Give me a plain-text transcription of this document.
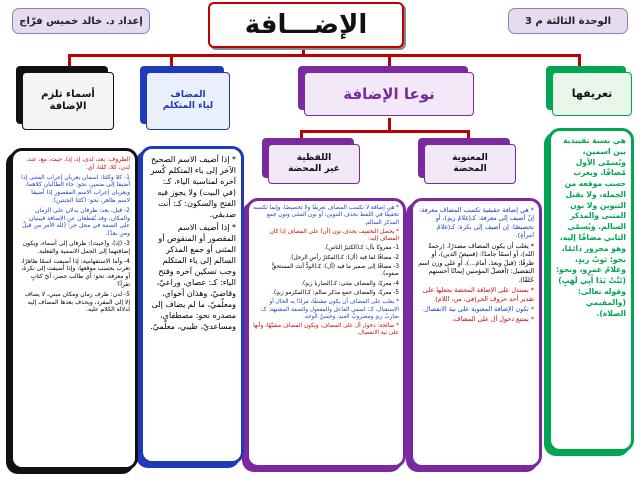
الوحدة الثالثة م 3
إعداد د. خالد خميس فرّاج	الإضـــافة
تعريفها

هي نسبة تقييدية بين اسمين، ويُسمّى الأول مُضافًا، ويعرب حسب موقعه من الجملة، ولا يقبل التنوين ولا نون المثنى والمذكر السالم. ويُسمّى الثاني مضافًا إليه، وهو مجرور دائمًا، نحو: ثوبُ زيدٍ، وغلامُ عمرٍو، ونحو: (تَبَّتْ يَدَا أَبِي لَهَبٍ) وقوله تعالى: (والمقيمي الصلاة).

نوعا الإضافة
المعنوية
المحضة
اللفظية
غير المحضة

* هي إضافة حقيقية تكسب المضاف معرفة: إنْ أضيف إلى معرفة: كـ(غلامُ زيدٍ)، أو تخصيصًا: إن أضيف إلى نكرة: كـ(غلامُ امرأةٍ).

* يغلب أن يكون المضاف مصدرًا، (رحمةُ الله)، أو اسمًا جامدًا: (قميصُ الدين)، أو ظرفًا: (قبلَ وبعدَ، أمامَ...)، أو على وزن اسم التفضيل: (أفضلُ المؤمنين إيمانًا أحسنهم خُلقًا).

* يستدل على الإضافة المحضة بجعلها على تقدير أحد حروف الجر(في، من، اللام).

* تكون الإضافة المعنوية على نية الانفصال.

* يمتنع دخول أل على المضاف.

* هي إضافة لا تكسب المضاف تعريفًا ولا تخصيصًا، وإنما تكسبه تخفيفًا في اللفظ بحذف التنوين، أو نون المثنى ونون جمع المذكر السالم.

* يحصل التخفيف بحذف نون (أن) على المضاف إذا كان المضاف إليه:

1- مقرونًا بأل: كـ(الكثيرُ الناس).

2- مضافًا لما فيه (أل): كـ(المكثرُ رأسِ الرجل).

3- مضافًا إلى ضمير ما فيه (أل): كـ(الودُّ أنتَ المستحقُّ صفوِه).

4- معربًا، والمضاف مثنى: كـ(الضاربا زيدٍ).

5- معربًا، والمضاف جمع مذكر سالم: كـ(المكرمو زيدٍ).

* يغلب على المضاف أن يكون مشتقًا، مرادًا به الحال أو الاستقبال، كـ: اسمي الفاعل والمفعول والصفة المشبهة: كـ: ضاربُ زيدٍ ومضروبُ العبدِ، وحسنُ الوجه.

* صالحة: دخول أل على المضاف، ويكون المضاف مشبّهًا، وأنها على نية الانفصال.

المضاف
لياء المتكلم

* إذا أضيف الاسم الصحيح الآخر إلى ياء المتكلم كُسر آخره لمناسبة الياء، كـ: (في البيت) ولا يجوز فيه الفتح والسكون: كـ: أنت صديقي.

* إذا أضيف الاسم المقصور أو المنقوص أو المثنى أو جمع المذكر السالم إلى ياء المتكلم وجب تسكين آخره وفتح الياء: كـ: عصاي، وراعيّ، وقاضيّ، وهذان أخواي، ومعلّميّ، ما لم يضاف إلى مصدره نحو: مصطفاي، ومساعديّ، طيبي، معلّميّ.

أسماء تلزم
الإضافة

الظروف: بعد، لدى، إذ، إذا، حيث، مع، عند، لدن، كلا، كلتا، أي.

1- كلا وكلتا: اسمان يعربان إعراب المثنى إذا أضيفا إلى ضمير، نحو: جاء الطالبان كلاهما، ويعربان إعراب الاسم المقصور إذا أضيفا لاسم ظاهر، نحو: (كلتا الجنتين).

2- قبل، بعد: ظرفان يدلان على الزمان والمكان، وقد يُقطعان عن الإضافة فيبنيان على الضمة في محل جر: (لله الأمر من قبلُ ومن بعدُ).

3- (إذ)، و(حيث): ظرفان إلى أسماء، ويكون إضافتهما إلى الجمل الاسمية والفعلية.

4- وأما الاستفهامية: إذا أضيفت اسمًا ظاهرًا، تعرب بحسب موقعها، وإذا أضيفت إلى نكرة، أو معرفة، نحو: أي طالب حضر، أيّ كتابٍ تقرأ؟

5- لدن: ظرف زمان ومكان مبني، لا يضاف إلا إلى المفرد، ويحذف بعدها المضاف إليه لدلالة الكلام عليه.
